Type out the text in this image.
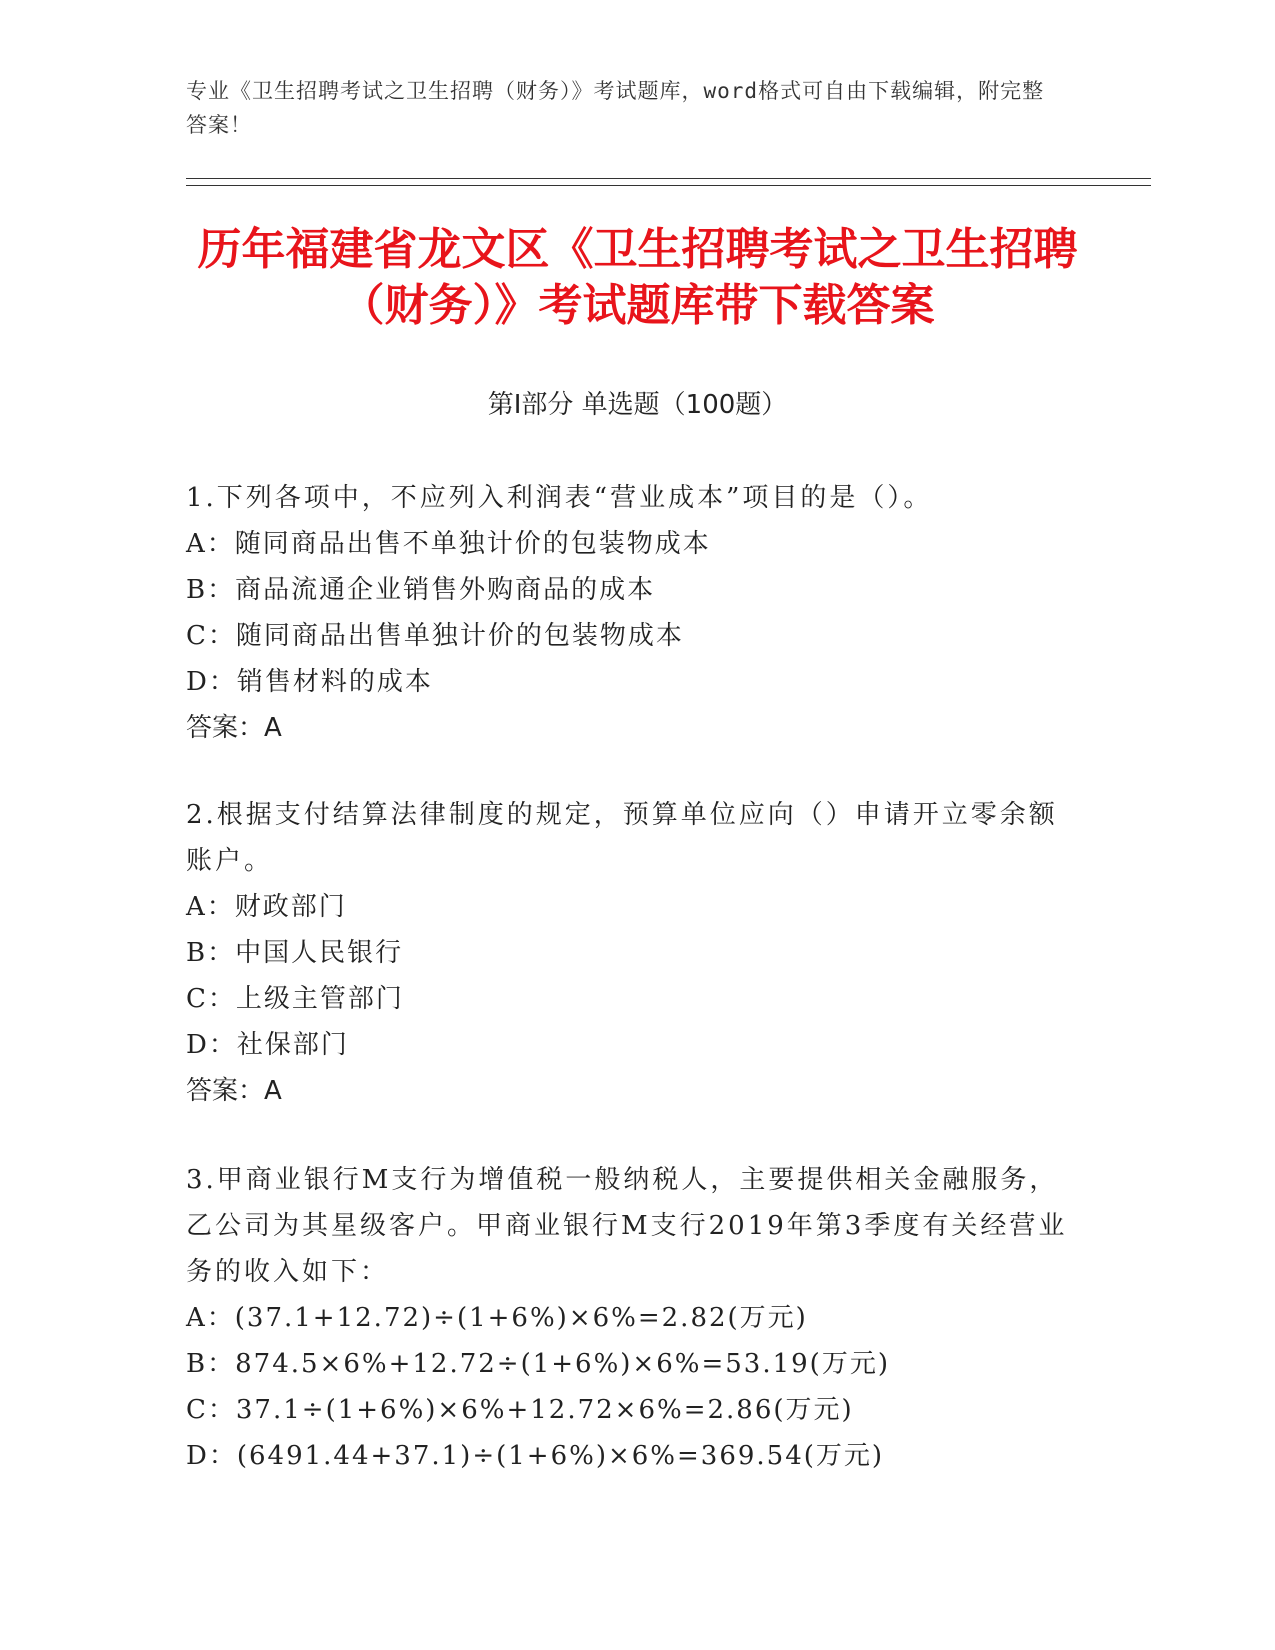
专业《卫生招聘考试之卫生招聘（财务）》考试题库，word格式可自由下载编辑，附完整答案！
历年福建省龙文区《卫生招聘考试之卫生招聘（财务）》考试题库带下载答案
第Ⅰ部分 单选题（100题）

1.下列各项中，不应列入利润表“营业成本”项目的是（）。

A：随同商品出售不单独计价的包装物成本

B：商品流通企业销售外购商品的成本

C：随同商品出售单独计价的包装物成本

D：销售材料的成本

答案：A

2.根据支付结算法律制度的规定，预算单位应向（）申请开立零余额账户。

A：财政部门

B：中国人民银行

C：上级主管部门

D：社保部门

答案：A

3.甲商业银行M支行为增值税一般纳税人，主要提供相关金融服务，乙公司为其星级客户。甲商业银行M支行2019年第3季度有关经营业务的收入如下：

A：(37.1+12.72)÷(1+6%)×6%=2.82(万元)

B：874.5×6%+12.72÷(1+6%)×6%=53.19(万元)

C：37.1÷(1+6%)×6%+12.72×6%=2.86(万元)

D：(6491.44+37.1)÷(1+6%)×6%=369.54(万元)
